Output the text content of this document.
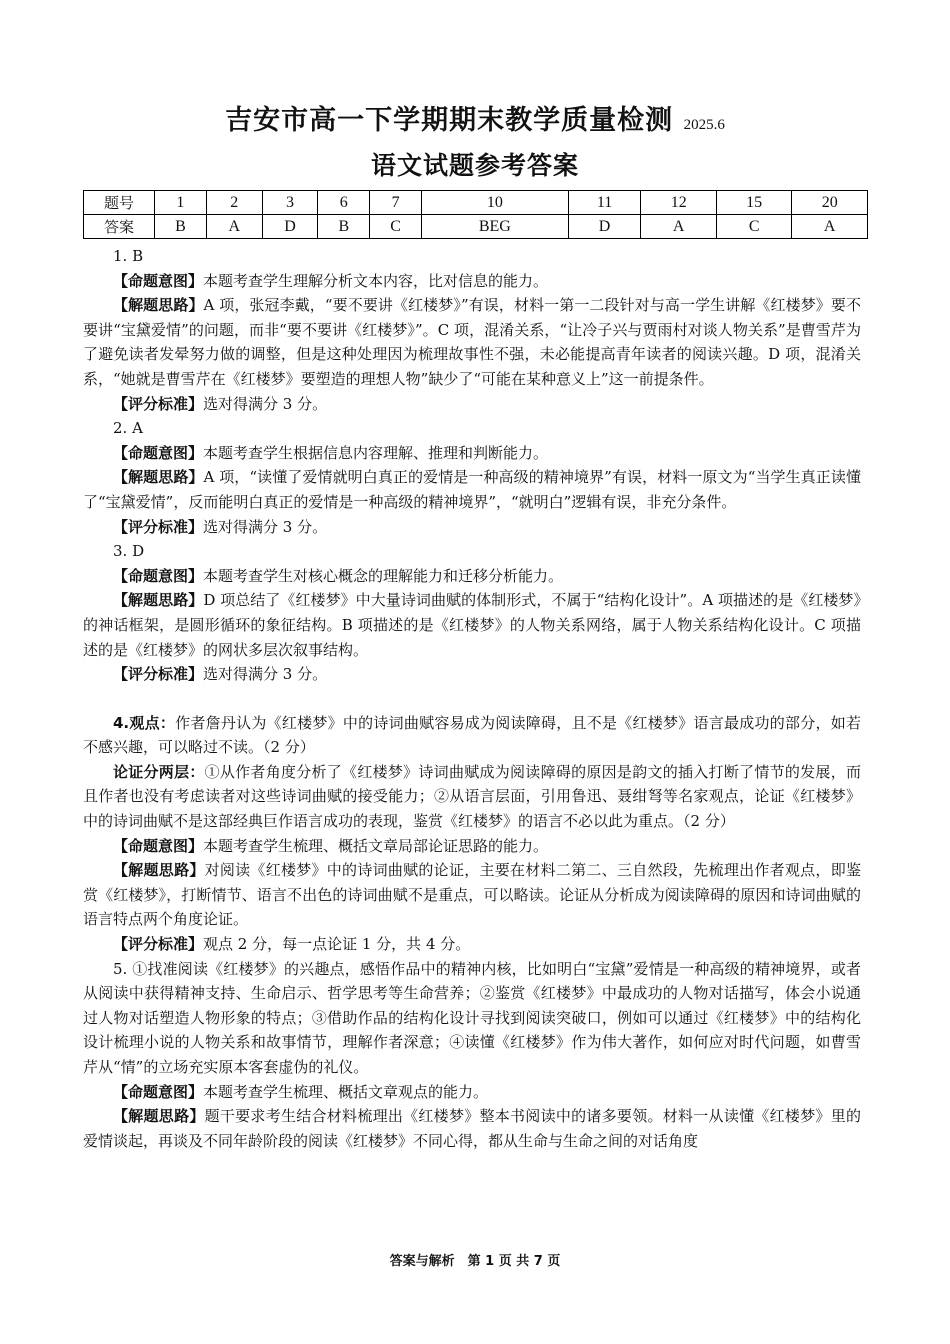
吉安市高一下学期期末教学质量检测 2025.6
语文试题参考答案
题号	1	2	3	6	7	10	11	12	15	20
答案	B	A	D	B	C	BEG	D	A	C	A

1. B

【命题意图】本题考查学生理解分析文本内容，比对信息的能力。

【解题思路】A 项，张冠李戴，“要不要讲《红楼梦》”有误，材料一第一二段针对与高一学生讲解《红楼梦》要不要讲“宝黛爱情”的问题，而非“要不要讲《红楼梦》”。C 项，混淆关系，“让冷子兴与贾雨村对谈人物关系”是曹雪芹为了避免读者发晕努力做的调整，但是这种处理因为梳理故事性不强，未必能提高青年读者的阅读兴趣。D 项，混淆关系，“她就是曹雪芹在《红楼梦》要塑造的理想人物”缺少了“可能在某种意义上”这一前提条件。

【评分标准】选对得满分 3 分。

2. A

【命题意图】本题考查学生根据信息内容理解、推理和判断能力。

【解题思路】A 项，“读懂了爱情就明白真正的爱情是一种高级的精神境界”有误，材料一原文为“当学生真正读懂了“宝黛爱情”，反而能明白真正的爱情是一种高级的精神境界”，“就明白”逻辑有误，非充分条件。

【评分标准】选对得满分 3 分。

3. D

【命题意图】本题考查学生对核心概念的理解能力和迁移分析能力。

【解题思路】D 项总结了《红楼梦》中大量诗词曲赋的体制形式，不属于“结构化设计”。A 项描述的是《红楼梦》的神话框架，是圆形循环的象征结构。B 项描述的是《红楼梦》的人物关系网络，属于人物关系结构化设计。C 项描述的是《红楼梦》的网状多层次叙事结构。

【评分标准】选对得满分 3 分。

4.观点：作者詹丹认为《红楼梦》中的诗词曲赋容易成为阅读障碍，且不是《红楼梦》语言最成功的部分，如若不感兴趣，可以略过不读。（2 分）

论证分两层：①从作者角度分析了《红楼梦》诗词曲赋成为阅读障碍的原因是韵文的插入打断了情节的发展，而且作者也没有考虑读者对这些诗词曲赋的接受能力；②从语言层面，引用鲁迅、聂绀弩等名家观点，论证《红楼梦》中的诗词曲赋不是这部经典巨作语言成功的表现，鉴赏《红楼梦》的语言不必以此为重点。（2 分）

【命题意图】本题考查学生梳理、概括文章局部论证思路的能力。

【解题思路】对阅读《红楼梦》中的诗词曲赋的论证，主要在材料二第二、三自然段，先梳理出作者观点，即鉴赏《红楼梦》，打断情节、语言不出色的诗词曲赋不是重点，可以略读。论证从分析成为阅读障碍的原因和诗词曲赋的语言特点两个角度论证。

【评分标准】观点 2 分，每一点论证 1 分，共 4 分。

5. ①找准阅读《红楼梦》的兴趣点，感悟作品中的精神内核，比如明白“宝黛”爱情是一种高级的精神境界，或者从阅读中获得精神支持、生命启示、哲学思考等生命营养；②鉴赏《红楼梦》中最成功的人物对话描写，体会小说通过人物对话塑造人物形象的特点；③借助作品的结构化设计寻找到阅读突破口，例如可以通过《红楼梦》中的结构化设计梳理小说的人物关系和故事情节，理解作者深意；④读懂《红楼梦》作为伟大著作，如何应对时代问题，如曹雪芹从“情”的立场充实原本客套虚伪的礼仪。

【命题意图】本题考查学生梳理、概括文章观点的能力。

【解题思路】题干要求考生结合材料梳理出《红楼梦》整本书阅读中的诸多要领。材料一从读懂《红楼梦》里的爱情谈起，再谈及不同年龄阶段的阅读《红楼梦》不同心得，都从生命与生命之间的对话角度

答案与解析　第 1 页 共 7 页
